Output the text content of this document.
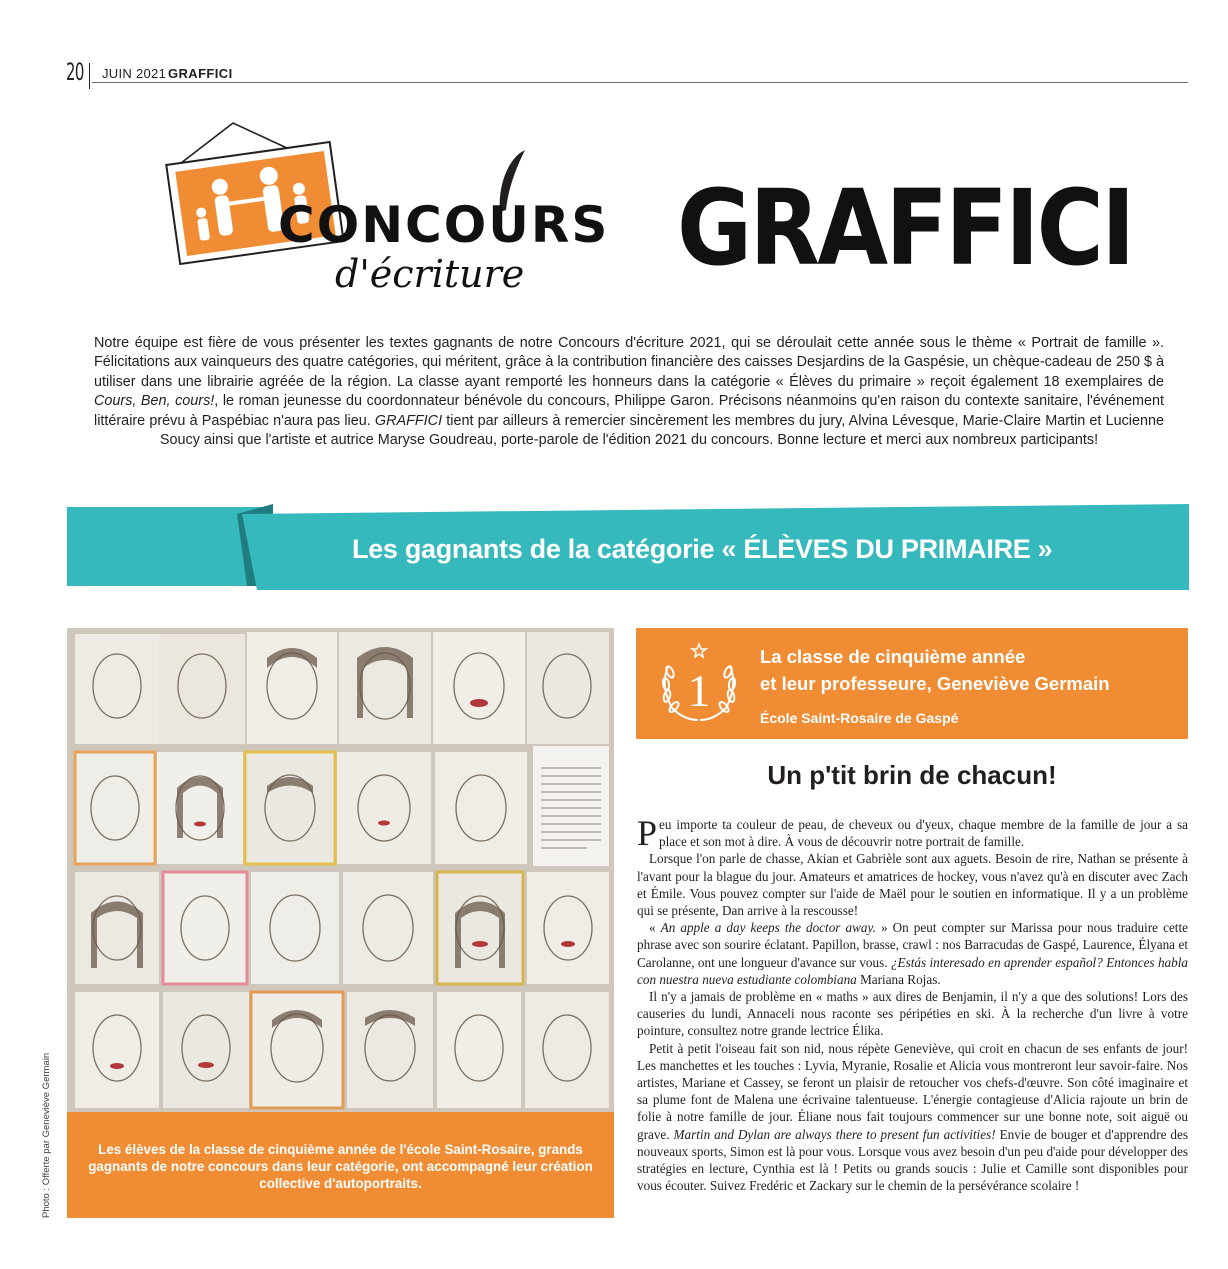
20 JUIN 2021 GRAFFICI
CONCOURS
d'écriture GRAFFICI
Notre équipe est fière de vous présenter les textes gagnants de notre Concours d'écriture 2021, qui se déroulait cette année sous le thème « Portrait de famille ». Félicitations aux vainqueurs des quatre catégories, qui méritent, grâce à la contribution financière des caisses Desjardins de la Gaspésie, un chèque-cadeau de 250 $ à utiliser dans une librairie agréée de la région. La classe ayant remporté les honneurs dans la catégorie « Élèves du primaire » reçoit également 18 exemplaires de Cours, Ben, cours!, le roman jeunesse du coordonnateur bénévole du concours, Philippe Garon. Précisons néanmoins qu'en raison du contexte sanitaire, l'événement littéraire prévu à Paspébiac n'aura pas lieu. GRAFFICI tient par ailleurs à remercier sincèrement les membres du jury, Alvina Lévesque, Marie-Claire Martin et Lucienne Soucy ainsi que l'artiste et autrice Maryse Goudreau, porte-parole de l'édition 2021 du concours. Bonne lecture et merci aux nombreux participants!
Les gagnants de la catégorie « ÉLÈVES DU PRIMAIRE »
Les élèves de la classe de cinquième année de l'école Saint-Rosaire, grands gagnants de notre concours dans leur catégorie, ont accompagné leur création collective d'autoportraits.
Photo : Offerte par Geneviève Germain
1
La classe de cinquième année
et leur professeure, Geneviève Germain
École Saint-Rosaire de Gaspé
Un p'tit brin de chacun!

Peu importe ta couleur de peau, de cheveux ou d'yeux, chaque membre de la famille de jour a sa place et son mot à dire. À vous de découvrir notre portrait de famille.

Lorsque l'on parle de chasse, Akian et Gabrièle sont aux aguets. Besoin de rire, Nathan se présente à l'avant pour la blague du jour. Amateurs et amatrices de hockey, vous n'avez qu'à en discuter avec Zach et Émile. Vous pouvez compter sur l'aide de Maël pour le soutien en informatique. Il y a un problème qui se présente, Dan arrive à la rescousse!

« An apple a day keeps the doctor away. » On peut compter sur Marissa pour nous traduire cette phrase avec son sourire éclatant. Papillon, brasse, crawl : nos Barracudas de Gaspé, Laurence, Élyana et Carolanne, ont une longueur d'avance sur vous. ¿Estás interesado en aprender español? Entonces habla con nuestra nueva estudiante colombiana Mariana Rojas.

Il n'y a jamais de problème en « maths » aux dires de Benjamin, il n'y a que des solutions! Lors des causeries du lundi, Annaceli nous raconte ses péripéties en ski. À la recherche d'un livre à votre pointure, consultez notre grande lectrice Élika.

Petit à petit l'oiseau fait son nid, nous répète Geneviève, qui croit en chacun de ses enfants de jour! Les manchettes et les touches : Lyvia, Myranie, Rosalie et Alicia vous montreront leur savoir-faire. Nos artistes, Mariane et Cassey, se feront un plaisir de retoucher vos chefs-d'œuvre. Son côté imaginaire et sa plume font de Malena une écrivaine talentueuse. L'énergie contagieuse d'Alicia rajoute un brin de folie à notre famille de jour. Éliane nous fait toujours commencer sur une bonne note, soit aiguë ou grave. Martin and Dylan are always there to present fun activities! Envie de bouger et d'apprendre des nouveaux sports, Simon est là pour vous. Lorsque vous avez besoin d'un peu d'aide pour développer des stratégies en lecture, Cynthia est là ! Petits ou grands soucis : Julie et Camille sont disponibles pour vous écouter. Suivez Fredéric et Zackary sur le chemin de la persévérance scolaire !
